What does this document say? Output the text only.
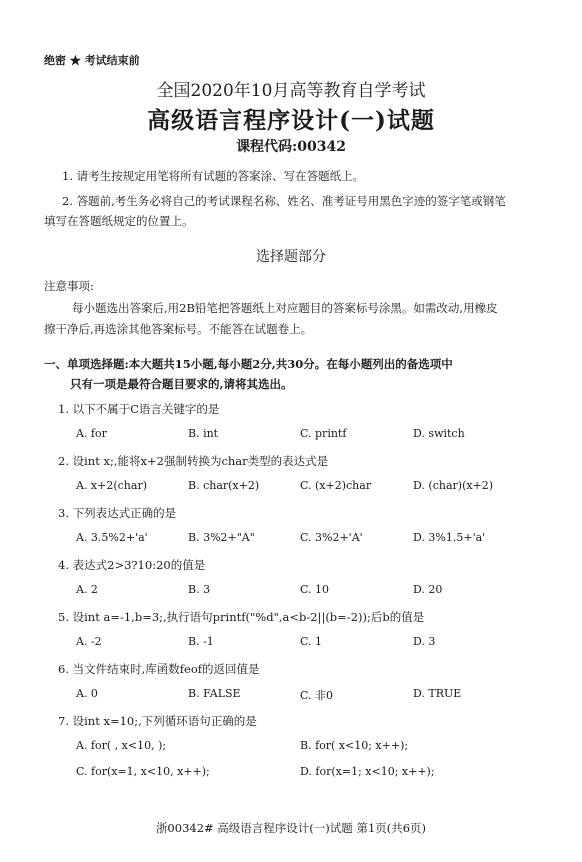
绝密 ★ 考试结束前
全国2020年10月高等教育自学考试
高级语言程序设计(一)试题
课程代码:00342
1. 请考生按规定用笔将所有试题的答案涂、写在答题纸上。
2. 答题前,考生务必将自己的考试课程名称、姓名、准考证号用黑色字迹的签字笔或钢笔
填写在答题纸规定的位置上。
选择题部分
注意事项:
每小题选出答案后,用2B铅笔把答题纸上对应题目的答案标号涂黑。如需改动,用橡皮
擦干净后,再选涂其他答案标号。不能答在试题卷上。
一、单项选择题:本大题共15小题,每小题2分,共30分。在每小题列出的备选项中
只有一项是最符合题目要求的,请将其选出。
1. 以下不属于C语言关键字的是
A. for	B. int	C. printf	D. switch
2. 设int x;,能将x+2强制转换为char类型的表达式是
A. x+2(char)	B. char(x+2)	C. (x+2)char	D. (char)(x+2)
3. 下列表达式正确的是
A. 3.5%2+'a'	B. 3%2+"A"	C. 3%2+'A'	D. 3%1.5+'a'
4. 表达式2>3?10:20的值是
A. 2	B. 3	C. 10	D. 20
5. 设int a=-1,b=3;,执行语句printf("%d",a<b-2||(b=-2));后b的值是
A. -2	B. -1	C. 1	D. 3
6. 当文件结束时,库函数feof的返回值是
A. 0	B. FALSE	C. 非0	D. TRUE
7. 设int x=10;,下列循环语句正确的是
A. for( , x<10, );	B. for( x<10; x++);
C. for(x=1, x<10, x++);	D. for(x=1; x<10; x++);
浙00342# 高级语言程序设计(一)试题 第1页(共6页)
